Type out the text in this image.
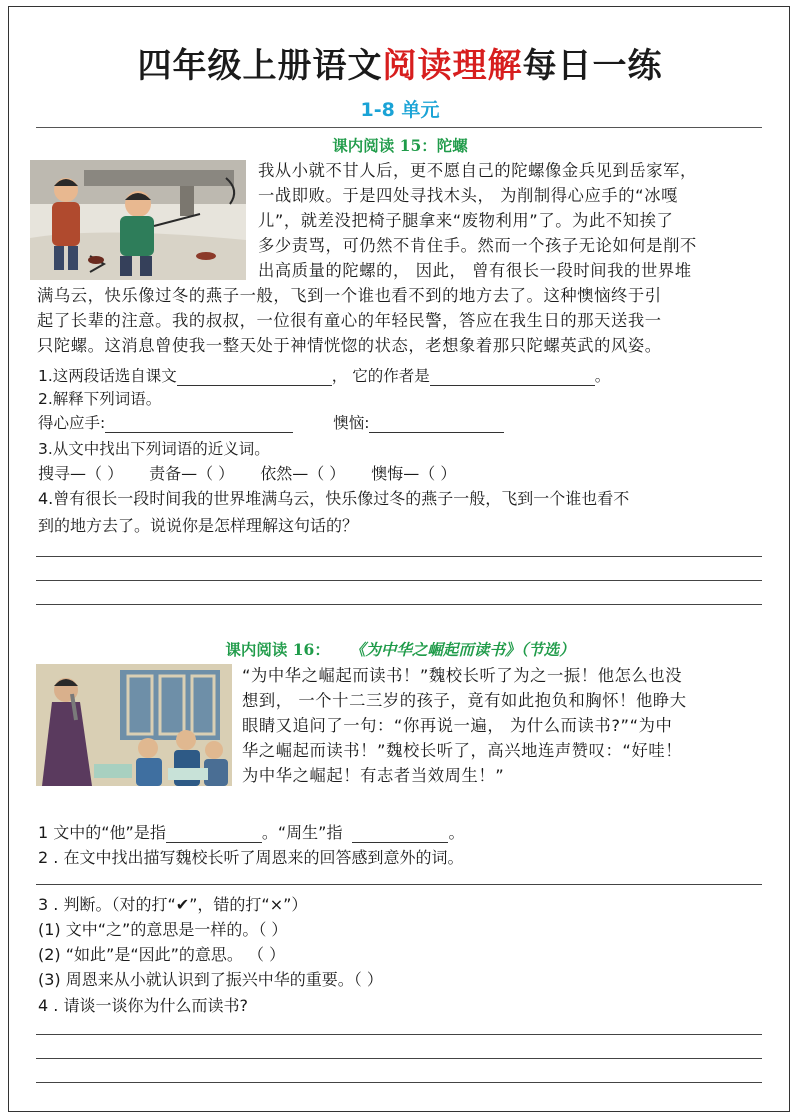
四年级上册语文阅读理解每日一练
1-8 单元
课内阅读 15：陀螺
我从小就不甘人后，更不愿自己的陀螺像金兵见到岳家军，
一战即败。于是四处寻找木头， 为削制得心应手的“冰嘎
儿”，就差没把椅子腿拿来“废物利用”了。为此不知挨了
多少责骂，可仍然不肯住手。然而一个孩子无论如何是削不
出高质量的陀螺的， 因此， 曾有很长一段时间我的世界堆
满乌云，快乐像过冬的燕子一般，飞到一个谁也看不到的地方去了。这种懊恼终于引
起了长辈的注意。我的叔叔，一位很有童心的年轻民警，答应在我生日的那天送我一
只陀螺。这消息曾使我一整天处于神情恍惚的状态，老想象着那只陀螺英武的风姿。
1.这两段话选自课文	， 它的作者是	。
2.解释下列词语。
得心应手:	懊恼:
3.从文中找出下列词语的近义词。
搜寻—（ ） 责备—（ ） 依然—（ ） 懊悔—（ ）
4.曾有很长一段时间我的世界堆满乌云，快乐像过冬的燕子一般，飞到一个谁也看不
到的地方去了。说说你是怎样理解这句话的？
课内阅读 16： 《为中华之崛起而读书》（节选）
“为中华之崛起而读书！”魏校长听了为之一振！他怎么也没
想到， 一个十二三岁的孩子，竟有如此抱负和胸怀！他睁大
眼睛又追问了一句：“你再说一遍， 为什么而读书?”“为中
华之崛起而读书！”魏校长听了，高兴地连声赞叹：“好哇！
为中华之崛起！有志者当效周生！”
1 文中的“他”是指	。“周生”指	。
2 . 在文中找出描写魏校长听了周恩来的回答感到意外的词。
3 . 判断。（对的打“✔”，错的打“×”）
(1) 文中“之”的意思是一样的。（ ）
(2) “如此”是“因此”的意思。 （ ）
(3) 周恩来从小就认识到了振兴中华的重要。（ ）
4 . 请谈一谈你为什么而读书?
